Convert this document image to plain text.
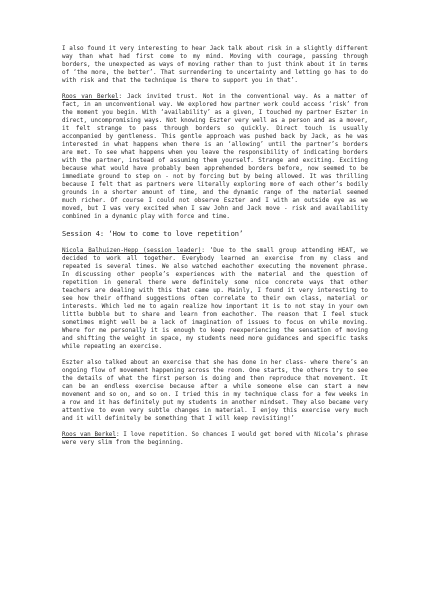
I also found it very interesting to hear Jack talk about risk in a slightly different way than what had first come to my mind. Moving with courage, passing through borders, the unexpected as ways of moving rather than to just think about it in terms of ‘the more, the better’. That surrendering to uncertainty and letting go has to do with risk and that the technique is there to support you in that’.

Roos van Berkel: Jack invited trust. Not in the conventional way. As a matter of fact, in an unconventional way. We explored how partner work could access ‘risk’ from the moment you begin. With ‘availability’ as a given, I touched my partner Eszter in direct, uncompromising ways. Not knowing Eszter very well as a person and as a mover, it felt strange to pass through borders so quickly. Direct touch is usually accompanied by gentleness. This gentle approach was pushed back by Jack, as he was interested in what happens when there is an ‘allowing’ until the partner’s borders are met. To see what happens when you leave the responsibility of indicating borders with the partner, instead of assuming them yourself. Strange and exciting. Exciting because what would have probably been apprehended borders before, now seemed to be immediate ground to step on - not by forcing but by being allowed. It was thrilling because I felt that as partners were literally exploring more of each other’s bodily grounds in a shorter amount of time, and the dynamic range of the material seemed much richer. Of course I could not observe Eszter and I with an outside eye as we moved, but I was very excited when I saw John and Jack move - risk and availability combined in a dynamic play with force and time.

Session 4: ‘How to come to love repetition’

Nicola Balhuizen-Hepp (session leader): ‘Due to the small group attending HEAT, we decided to work all together. Everybody learned an exercise from my class and repeated is several times. We also watched eachother executing the movement phrase. In discussing other people’s experiences with the material and the question of repetition in general there were definitely some nice concrete ways that other teachers are dealing with this that came up. Mainly, I found it very interesting to see how their offhand suggestions often correlate to their own class, material or interests. Which led me to again realize how important it is to not stay in your own little bubble but to share and learn from eachother. The reason that I feel stuck sometimes might well be a lack of imagination of issues to focus on while moving. Where for me personally it is enough to keep reexperiencing the sensation of moving and shifting the weight in space, my students need more guidances and specific tasks while repeating an exercise.

Eszter also talked about an exercise that she has done in her class- where there’s an ongoing flow of movement happening across the room. One starts, the others try to see the details of what the first person is doing and then reproduce that movement. It can be an endless exercise because after a while someone else can start a new movement and so on, and so on. I tried this in my technique class for a few weeks in a row and it has definitely put my students in another mindset. They also became very attentive to even very subtle changes in material. I enjoy this exercise very much and it will definitely be something that I will keep revisiting!’

Roos van Berkel: I love repetition. So chances I would get bored with Nicola’s phrase were very slim from the beginning.
